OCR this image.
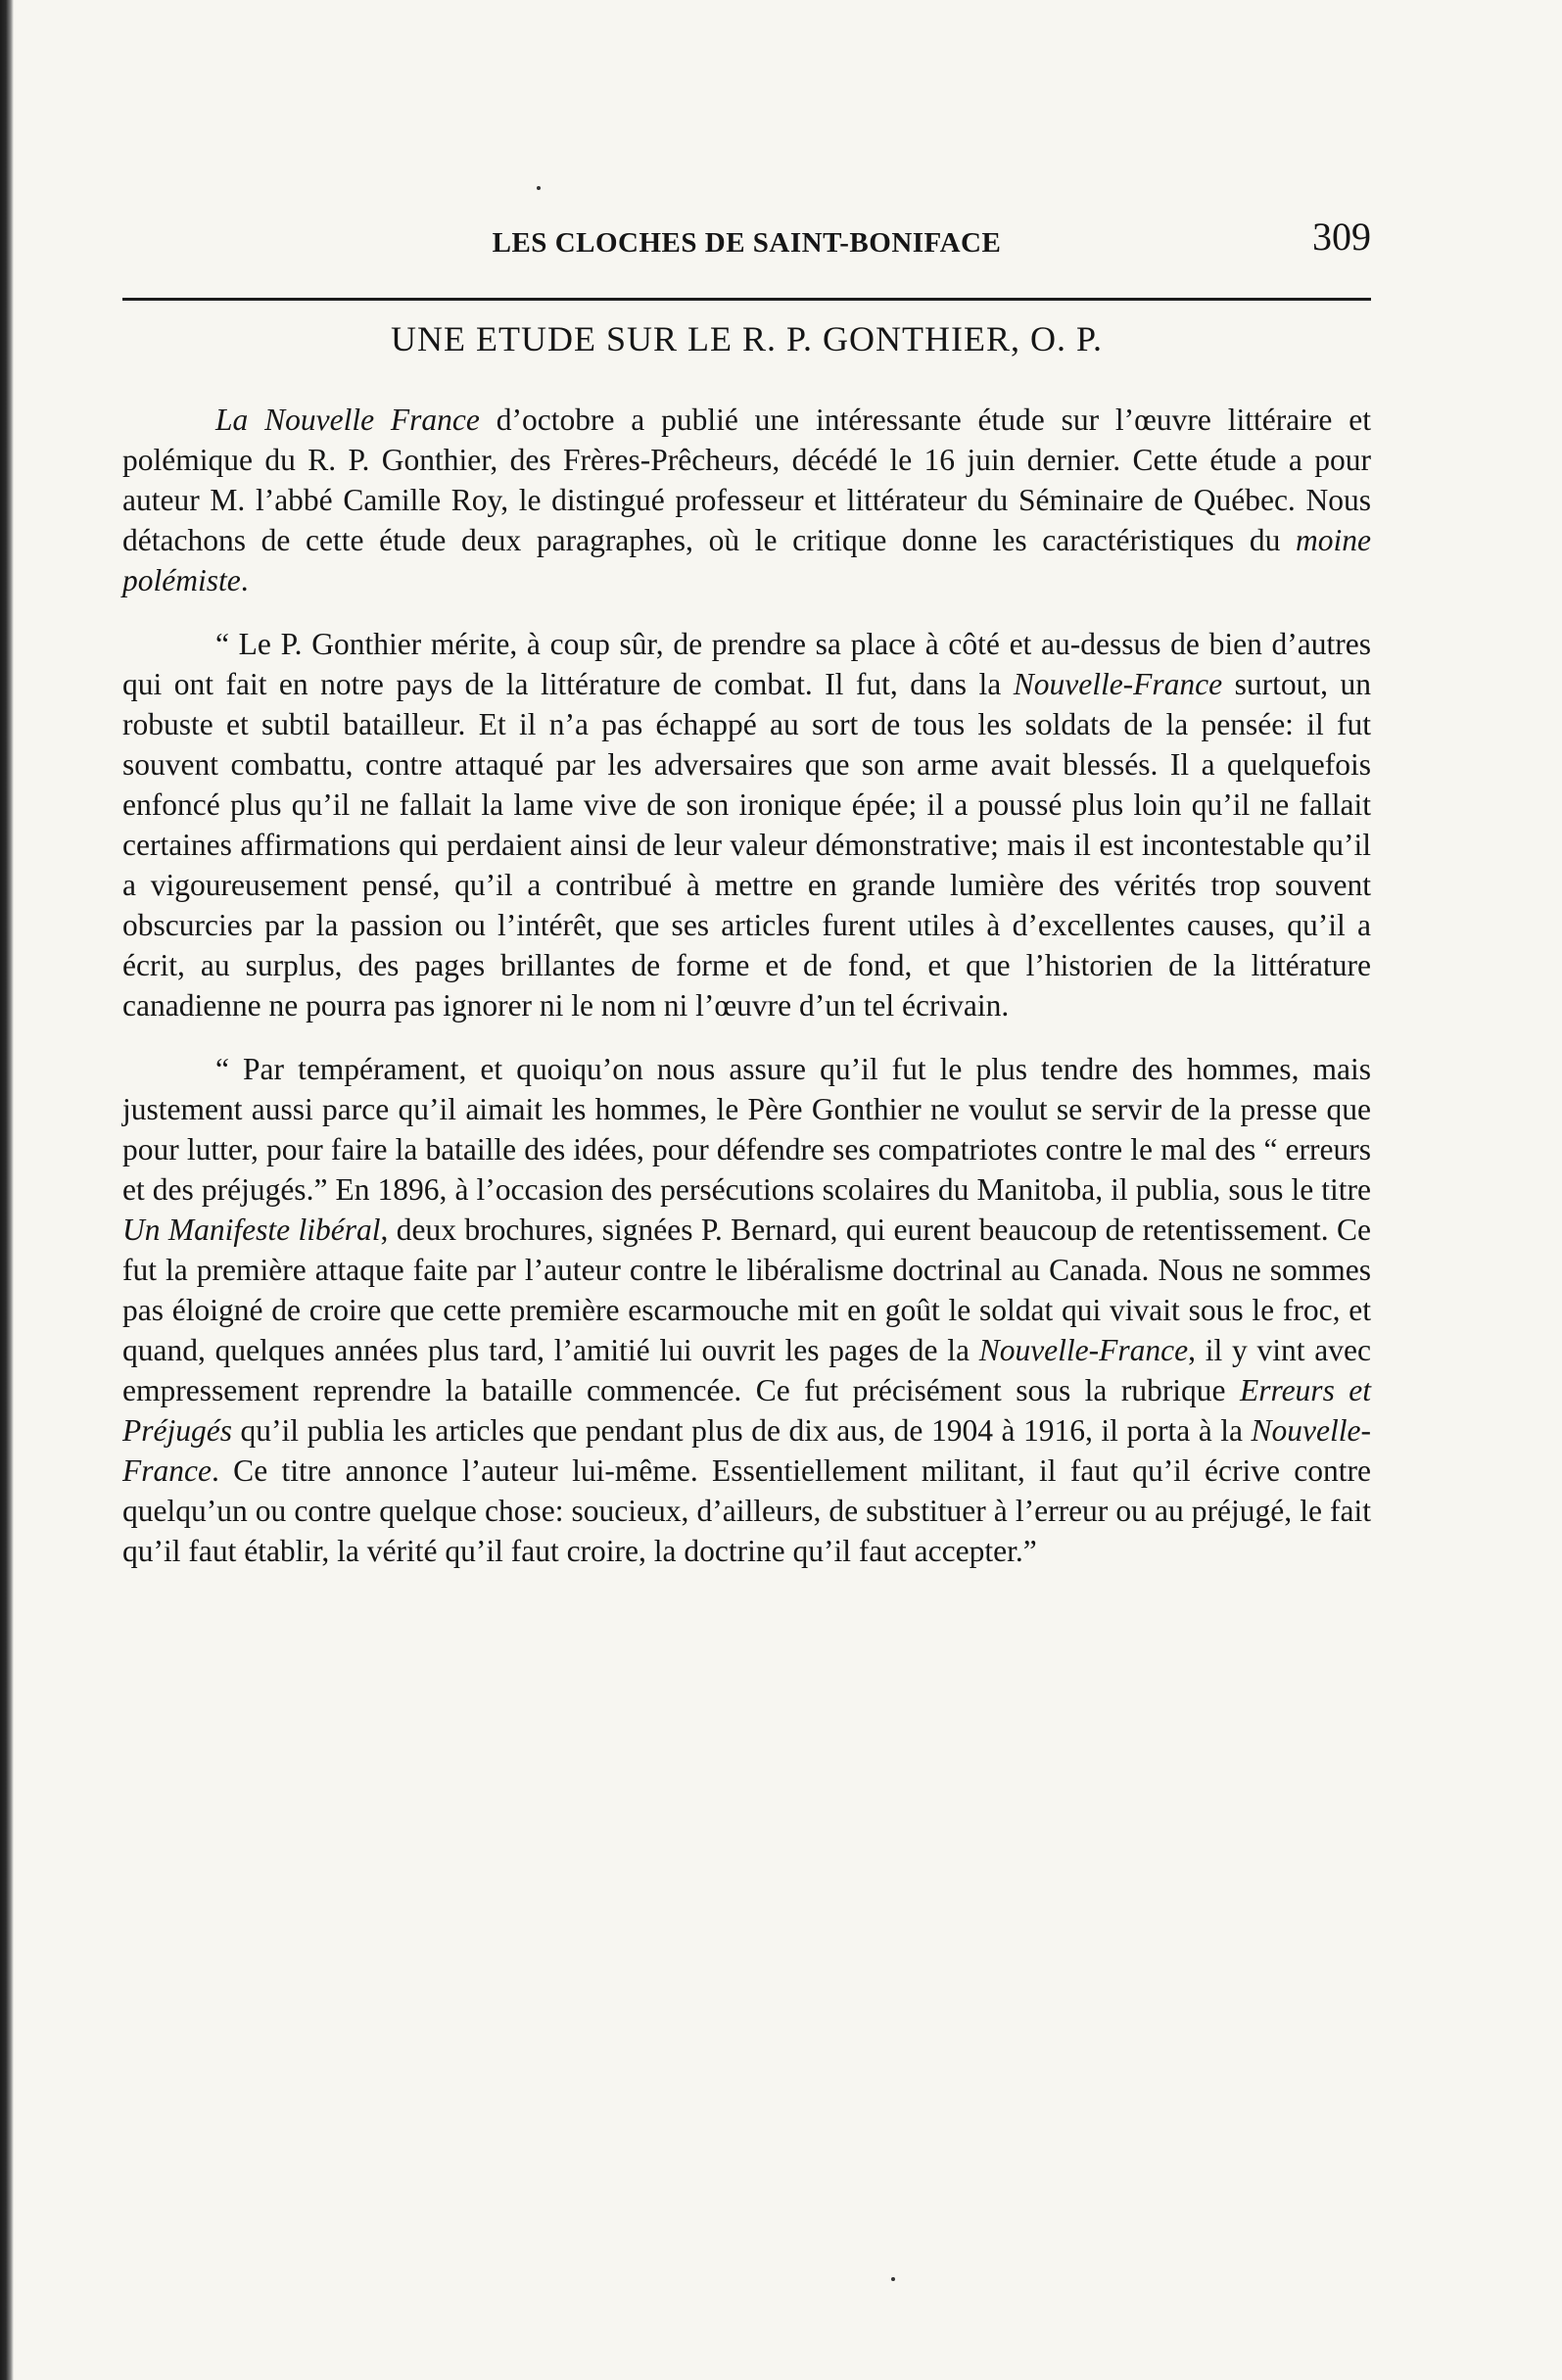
LES CLOCHES DE SAINT-BONIFACE	309
UNE ETUDE SUR LE R. P. GONTHIER, O. P.

La Nouvelle France d’octobre a publié une intéressante étude sur l’œuvre littéraire et polémique du R. P. Gonthier, des Frères-Prêcheurs, décédé le 16 juin dernier. Cette étude a pour auteur M. l’abbé Camille Roy, le distingué professeur et littérateur du Séminaire de Québec. Nous détachons de cette étude deux paragraphes, où le critique donne les caractéristiques du moine polémiste.

“ Le P. Gonthier mérite, à coup sûr, de prendre sa place à côté et au-dessus de bien d’autres qui ont fait en notre pays de la littérature de combat. Il fut, dans la Nouvelle-France surtout, un robuste et subtil batailleur. Et il n’a pas échappé au sort de tous les soldats de la pensée: il fut souvent combattu, contre attaqué par les adversaires que son arme avait blessés. Il a quelquefois enfoncé plus qu’il ne fallait la lame vive de son ironique épée; il a poussé plus loin qu’il ne fallait certaines affirmations qui perdaient ainsi de leur valeur démonstrative; mais il est incontestable qu’il a vigoureusement pensé, qu’il a contribué à mettre en grande lumière des vérités trop souvent obscurcies par la passion ou l’intérêt, que ses articles furent utiles à d’excellentes causes, qu’il a écrit, au surplus, des pages brillantes de forme et de fond, et que l’historien de la littérature canadienne ne pourra pas ignorer ni le nom ni l’œuvre d’un tel écrivain.

“ Par tempérament, et quoiqu’on nous assure qu’il fut le plus tendre des hommes, mais justement aussi parce qu’il aimait les hommes, le Père Gonthier ne voulut se servir de la presse que pour lutter, pour faire la bataille des idées, pour défendre ses compatriotes contre le mal des “ erreurs et des préjugés.” En 1896, à l’occasion des persécutions scolaires du Manitoba, il publia, sous le titre Un Manifeste libéral, deux brochures, signées P. Bernard, qui eurent beaucoup de retentissement. Ce fut la première attaque faite par l’auteur contre le libéralisme doctrinal au Canada. Nous ne sommes pas éloigné de croire que cette première escarmouche mit en goût le soldat qui vivait sous le froc, et quand, quelques années plus tard, l’amitié lui ouvrit les pages de la Nouvelle-France, il y vint avec empressement reprendre la bataille commencée. Ce fut précisément sous la rubrique Erreurs et Préjugés qu’il publia les articles que pendant plus de dix aus, de 1904 à 1916, il porta à la Nouvelle-France. Ce titre annonce l’auteur lui-même. Essentiellement militant, il faut qu’il écrive contre quelqu’un ou contre quelque chose: soucieux, d’ailleurs, de substituer à l’erreur ou au préjugé, le fait qu’il faut établir, la vérité qu’il faut croire, la doctrine qu’il faut accepter.”
